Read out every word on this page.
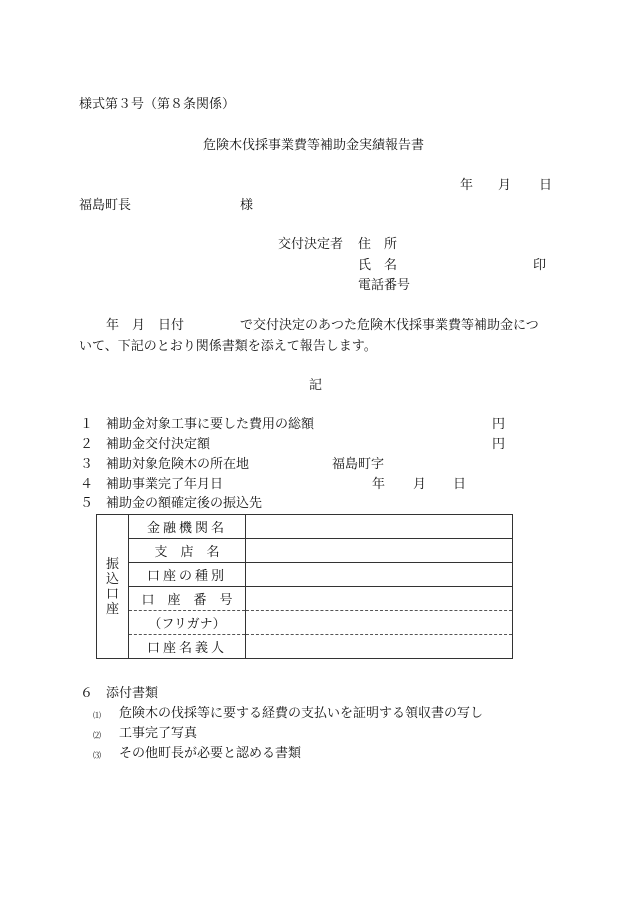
様式第３号（第８条関係）
危険木伐採事業費等補助金実績報告書
年 月 日
福島町長	様
交付決定者 住　所
氏　名	印
電話番号
年　月　日付	で交付決定のあつた危険木伐採事業費等補助金につ
いて、下記のとおり関係書類を添えて報告します。
記
１ 補助金対象工事に要した費用の総額	円
２ 補助金交付決定額	円
３ 補助対象危険木の所在地	福島町字
４ 補助事業完了年月日	年 月 日
５ 補助金の額確定後の振込先
振
込
口
座	金融機関名	
	支　店　名	
	口座の種別	
	口　座　番　号	
	（フリガナ）	
	口座名義人	
６ 添付書類
⑴ 危険木の伐採等に要する経費の支払いを証明する領収書の写し
⑵ 工事完了写真
⑶ その他町長が必要と認める書類
